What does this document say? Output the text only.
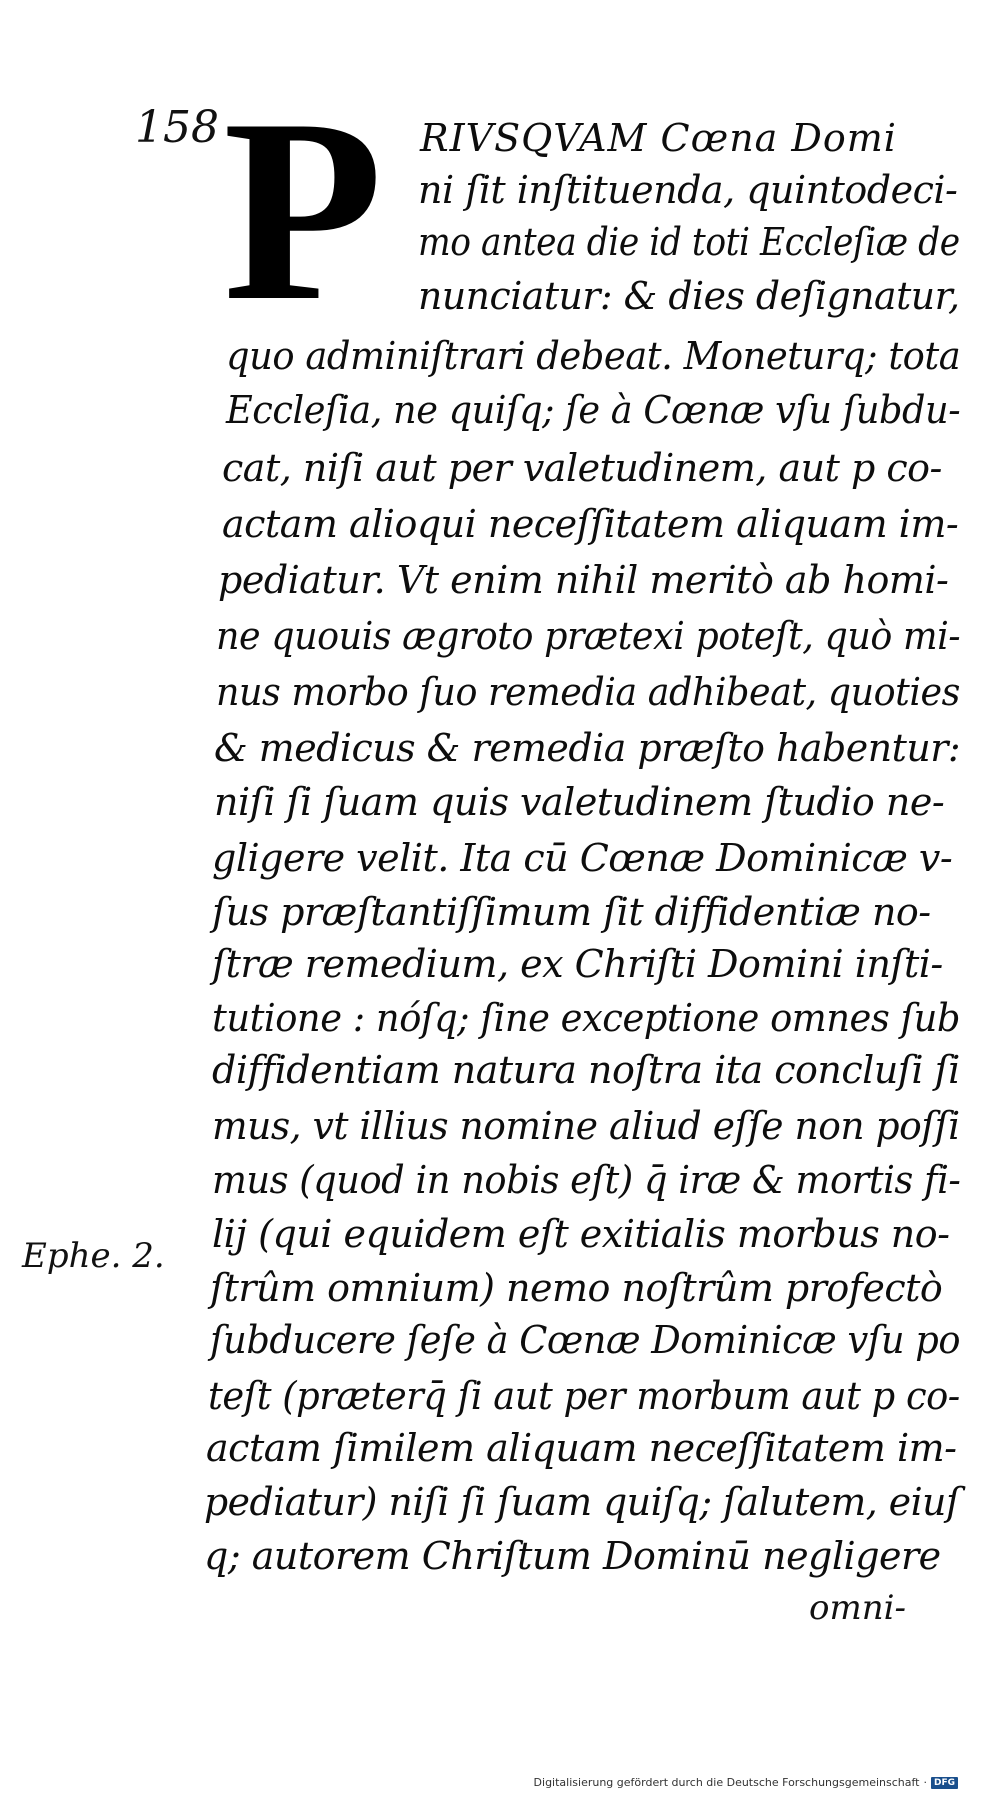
158 P RIVSQVAM Cœna Domi
ni ſit inſtituenda, quintodeci-
mo antea die id toti Eccleſiæ de
nunciatur: & dies deſignatur,
quo adminiſtrari debeat. Moneturq; tota
Eccleſia, ne quiſq; ſe à Cœnæ vſu ſubdu-
cat, niſi aut per valetudinem, aut p co-
actam alioqui neceſſitatem aliquam im-
pediatur. Vt enim nihil meritò ab homi-
ne quouis ægroto prætexi poteſt, quò mi-
nus morbo ſuo remedia adhibeat, quoties
& medicus & remedia præſto habentur:
niſi ſi ſuam quis valetudinem ſtudio ne-
gligere velit. Ita cū Cœnæ Dominicæ v-
ſus præſtantiſſimum ſit diffidentiæ no-
ſtræ remedium, ex Chriſti Domini inſti-
tutione : nóſq; ſine exceptione omnes ſub
diffidentiam natura noſtra ita concluſi ſi
mus, vt illius nomine aliud eſſe non poſſi
mus (quod in nobis eſt) q̄ iræ & mortis fi-
lij (qui equidem eſt exitialis morbus no-
ſtrûm omnium) nemo noſtrûm profectò
ſubducere ſeſe à Cœnæ Dominicæ vſu po
teſt (præterq̄ ſi aut per morbum aut p co-
actam ſimilem aliquam neceſſitatem im-
pediatur) niſi ſi ſuam quiſq; ſalutem, eiuſ
q; autorem Chriſtum Dominū negligere
omni-
Ephe. 2.
Digitalisierung gefördert durch die Deutsche Forschungsgemeinschaft · DFG
